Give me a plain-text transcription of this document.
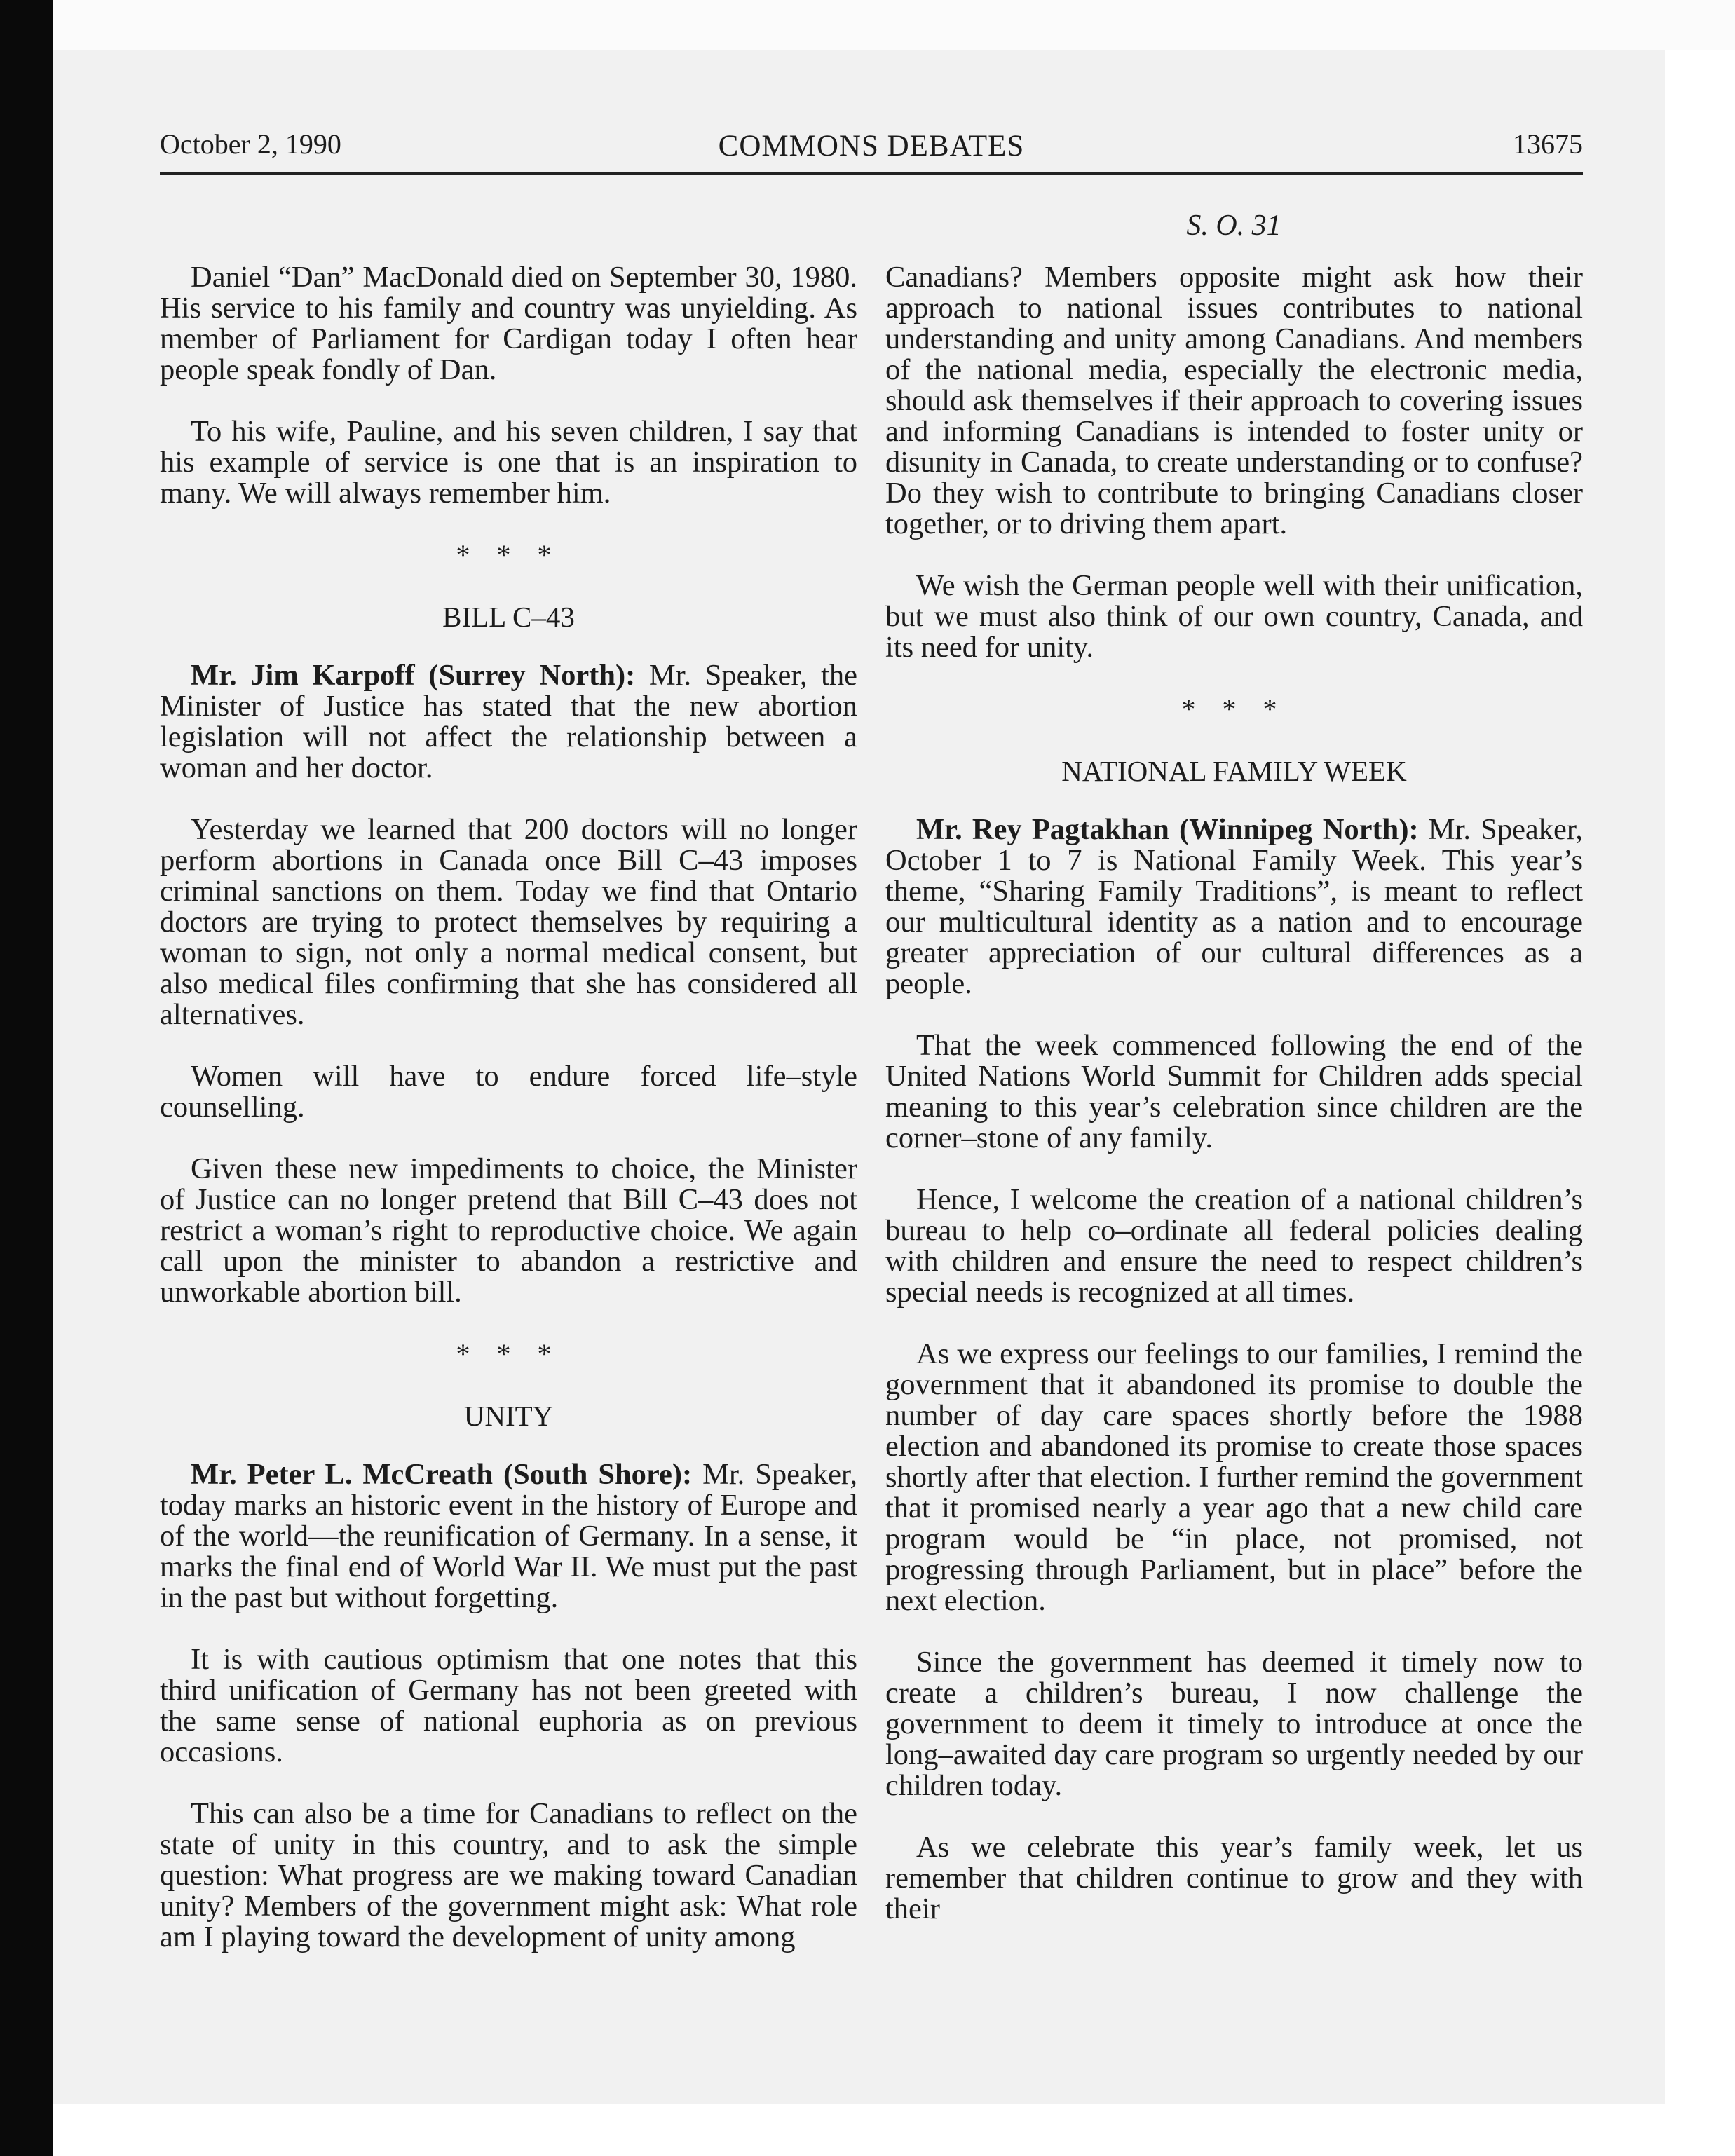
October 2, 1990	COMMONS DEBATES	13675
S. O. 31

Daniel “Dan” MacDonald died on September 30, 1980. His service to his family and country was unyielding. As member of Parliament for Cardigan today I often hear people speak fondly of Dan.

To his wife, Pauline, and his seven children, I say that his example of service is one that is an inspiration to many. We will always remember him.

* * *
BILL C–43

Mr. Jim Karpoff (Surrey North): Mr. Speaker, the Minister of Justice has stated that the new abortion legislation will not affect the relationship between a woman and her doctor.

Yesterday we learned that 200 doctors will no longer perform abortions in Canada once Bill C–43 imposes criminal sanctions on them. Today we find that Ontario doctors are trying to protect themselves by requiring a woman to sign, not only a normal medical consent, but also medical files confirming that she has considered all alternatives.

Women will have to endure forced life–style counselling.

Given these new impediments to choice, the Minister of Justice can no longer pretend that Bill C–43 does not restrict a woman’s right to reproductive choice. We again call upon the minister to abandon a restrictive and unworkable abortion bill.

* * *
UNITY

Mr. Peter L. McCreath (South Shore): Mr. Speaker, today marks an historic event in the history of Europe and of the world—the reunification of Germany. In a sense, it marks the final end of World War II. We must put the past in the past but without forgetting.

It is with cautious optimism that one notes that this third unification of Germany has not been greeted with the same sense of national euphoria as on previous occasions.

This can also be a time for Canadians to reflect on the state of unity in this country, and to ask the simple question: What progress are we making toward Canadian unity? Members of the government might ask: What role am I playing toward the development of unity among

Canadians? Members opposite might ask how their approach to national issues contributes to national understanding and unity among Canadians. And members of the national media, especially the electronic media, should ask themselves if their approach to covering issues and informing Canadians is intended to foster unity or disunity in Canada, to create understanding or to confuse? Do they wish to contribute to bringing Canadians closer together, or to driving them apart.

We wish the German people well with their unification, but we must also think of our own country, Canada, and its need for unity.

* * *
NATIONAL FAMILY WEEK

Mr. Rey Pagtakhan (Winnipeg North): Mr. Speaker, October 1 to 7 is National Family Week. This year’s theme, “Sharing Family Traditions”, is meant to reflect our multicultural identity as a nation and to encourage greater appreciation of our cultural differences as a people.

That the week commenced following the end of the United Nations World Summit for Children adds special meaning to this year’s celebration since children are the corner–stone of any family.

Hence, I welcome the creation of a national children’s bureau to help co–ordinate all federal policies dealing with children and ensure the need to respect children’s special needs is recognized at all times.

As we express our feelings to our families, I remind the government that it abandoned its promise to double the number of day care spaces shortly before the 1988 election and abandoned its promise to create those spaces shortly after that election. I further remind the government that it promised nearly a year ago that a new child care program would be “in place, not promised, not progressing through Parliament, but in place” before the next election.

Since the government has deemed it timely now to create a children’s bureau, I now challenge the government to deem it timely to introduce at once the long–awaited day care program so urgently needed by our children today.

As we celebrate this year’s family week, let us remember that children continue to grow and they with their
